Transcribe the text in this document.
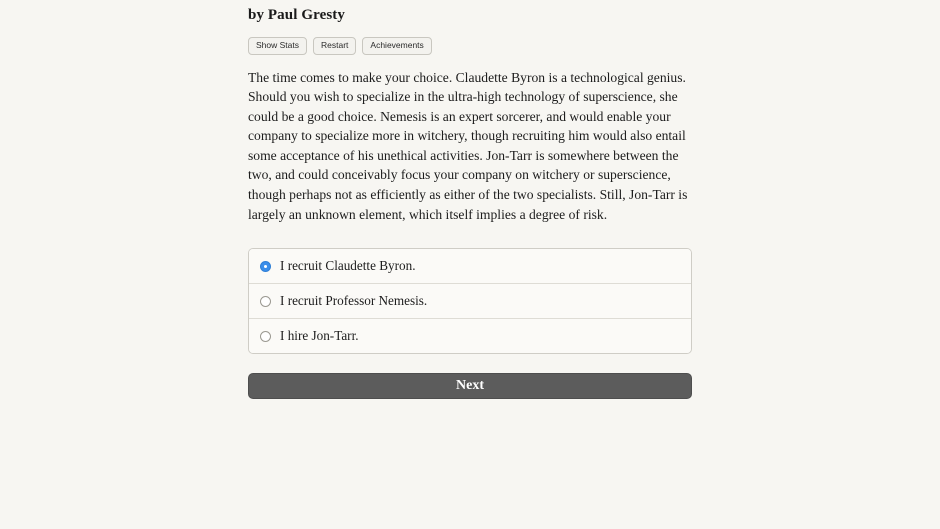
by Paul Gresty
Show Stats	Restart	Achievements

The time comes to make your choice. Claudette Byron is a technological genius. Should you wish to specialize in the ultra-high technology of superscience, she could be a good choice. Nemesis is an expert sorcerer, and would enable your company to specialize more in witchery, though recruiting him would also entail some acceptance of his unethical activities. Jon-Tarr is somewhere between the two, and could conceivably focus your company on witchery or superscience, though perhaps not as efficiently as either of the two specialists. Still, Jon-Tarr is largely an unknown element, which itself implies a degree of risk.

I recruit Claudette Byron.
I recruit Professor Nemesis.
I hire Jon-Tarr.
Next
